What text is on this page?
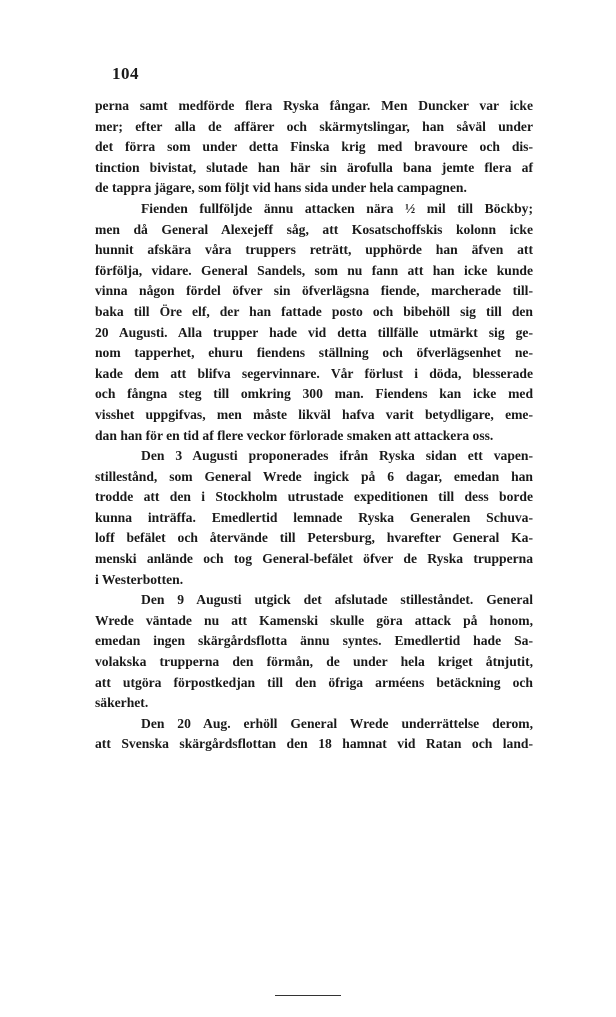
104

perna samt medförde flera Ryska fångar. Men Duncker var icke

mer; efter alla de affärer och skärmytslingar, han såväl under

det förra som under detta Finska krig med bravoure och dis-

tinction bivistat, slutade han här sin ärofulla bana jemte flera af

de tappra jägare, som följt vid hans sida under hela campagnen.

Fienden fullföljde ännu attacken nära ½ mil till Böckby;

men då General Alexejeff såg, att Kosatschoffskis kolonn icke

hunnit afskära våra truppers reträtt, upphörde han äfven att

förfölja, vidare. General Sandels, som nu fann att han icke kunde

vinna någon fördel öfver sin öfverlägsna fiende, marcherade till-

baka till Öre elf, der han fattade posto och bibehöll sig till den

20 Augusti. Alla trupper hade vid detta tillfälle utmärkt sig ge-

nom tapperhet, ehuru fiendens ställning och öfverlägsenhet ne-

kade dem att blifva segervinnare. Vår förlust i döda, blesserade

och fångna steg till omkring 300 man. Fiendens kan icke med

visshet uppgifvas, men måste likväl hafva varit betydligare, eme-

dan han för en tid af flere veckor förlorade smaken att attackera oss.

Den 3 Augusti proponerades ifrån Ryska sidan ett vapen-

stillestånd, som General Wrede ingick på 6 dagar, emedan han

trodde att den i Stockholm utrustade expeditionen till dess borde

kunna inträffa. Emedlertid lemnade Ryska Generalen Schuva-

loff befälet och återvände till Petersburg, hvarefter General Ka-

menski anlände och tog General-befälet öfver de Ryska trupperna

i Westerbotten.

Den 9 Augusti utgick det afslutade stilleståndet. General

Wrede väntade nu att Kamenski skulle göra attack på honom,

emedan ingen skärgårdsflotta ännu syntes. Emedlertid hade Sa-

volakska trupperna den förmån, de under hela kriget åtnjutit,

att utgöra förpostkedjan till den öfriga arméens betäckning och

säkerhet.

Den 20 Aug. erhöll General Wrede underrättelse derom,

att Svenska skärgårdsflottan den 18 hamnat vid Ratan och land-
